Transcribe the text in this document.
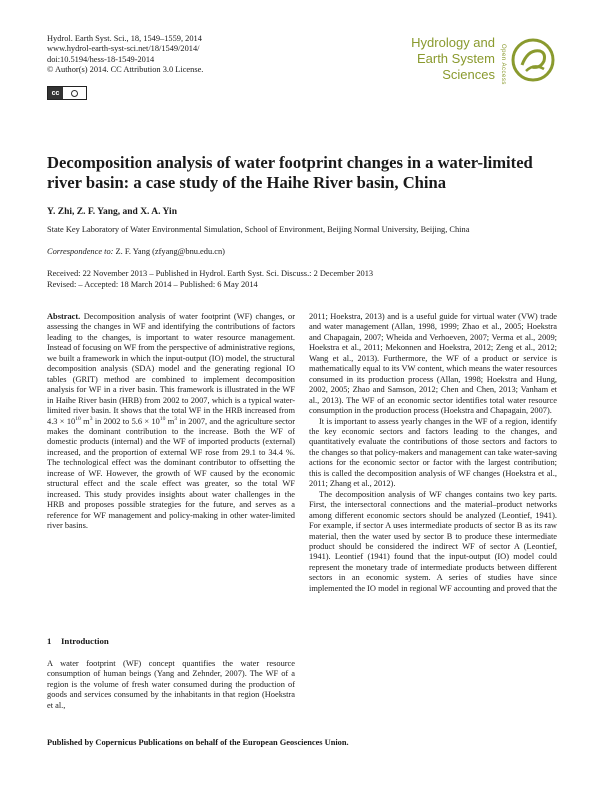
Hydrol. Earth Syst. Sci., 18, 1549–1559, 2014
www.hydrol-earth-syst-sci.net/18/1549/2014/
doi:10.5194/hess-18-1549-2014
© Author(s) 2014. CC Attribution 3.0 License.
cc
Hydrology and
Earth System
Sciences Open Access
Decomposition analysis of water footprint changes in a water-limited river basin: a case study of the Haihe River basin, China
Y. Zhi, Z. F. Yang, and X. A. Yin
State Key Laboratory of Water Environmental Simulation, School of Environment, Beijing Normal University, Beijing, China
Correspondence to: Z. F. Yang (zfyang@bnu.edu.cn)
Received: 22 November 2013 – Published in Hydrol. Earth Syst. Sci. Discuss.: 2 December 2013
Revised: – Accepted: 18 March 2014 – Published: 6 May 2014

Abstract. Decomposition analysis of water footprint (WF) changes, or assessing the changes in WF and identifying the contributions of factors leading to the changes, is important to water resource management. Instead of focusing on WF from the perspective of administrative regions, we built a framework in which the input-output (IO) model, the structural decomposition analysis (SDA) model and the generating regional IO tables (GRIT) method are combined to implement decomposition analysis for WF in a river basin. This framework is illustrated in the WF in Haihe River basin (HRB) from 2002 to 2007, which is a typical water-limited river basin. It shows that the total WF in the HRB increased from $4.3 \times 10^{10}$ $m^3$ in 2002 to $5.6 \times 10^{10}$ $m^3$ in 2007, and the agriculture sector makes the dominant contribution to the increase. Both the WF of domestic products (internal) and the WF of imported products (external) increased, and the proportion of external WF rose from 29.1 to 34.4 %. The technological effect was the dominant contributor to offsetting the increase of WF. However, the growth of WF caused by the economic structural effect and the scale effect was greater, so the total WF increased. This study provides insights about water challenges in the HRB and proposes possible strategies for the future, and serves as a reference for WF management and policy-making in other water-limited river basins.

1 Introduction
A water footprint (WF) concept quantifies the water resource consumption of human beings (Yang and Zehnder, 2007). The WF of a region is the volume of fresh water consumed during the production of goods and services consumed by the inhabitants in that region (Hoekstra et al.,

2011; Hoekstra, 2013) and is a useful guide for virtual water (VW) trade and water management (Allan, 1998, 1999; Zhao et al., 2005; Hoekstra and Chapagain, 2007; Wheida and Verhoeven, 2007; Verma et al., 2009; Hoekstra et al., 2011; Mekonnen and Hoekstra, 2012; Zeng et al., 2012; Wang et al., 2013). Furthermore, the WF of a product or service is mathematically equal to its VW content, which means the water resources consumed in its production process (Allan, 1998; Hoekstra and Hung, 2002, 2005; Zhao and Samson, 2012; Chen and Chen, 2013; Vanham et al., 2013). The WF of an economic sector identifies total water resource consumption in the production process (Hoekstra and Chapagain, 2007).

It is important to assess yearly changes in the WF of a region, identify the key economic sectors and factors leading to the changes, and quantitatively evaluate the contributions of those sectors and factors to the changes so that policy-makers and management can take water-saving actions for the economic sector or factor with the largest contribution; this is called the decomposition analysis of WF changes (Hoekstra et al., 2011; Zhang et al., 2012).

The decomposition analysis of WF changes contains two key parts. First, the intersectoral connections and the material–product networks among different economic sectors should be analyzed (Leontief, 1941). For example, if sector A uses intermediate products of sector B as its raw material, then the water used by sector B to produce these intermediate product should be considered the indirect WF of sector A (Leontief, 1941). Leontief (1941) found that the input-output (IO) model could represent the monetary trade of intermediate products between different sectors in an economic system. A series of studies have since implemented the IO model in regional WF accounting and proved that the

Published by Copernicus Publications on behalf of the European Geosciences Union.
